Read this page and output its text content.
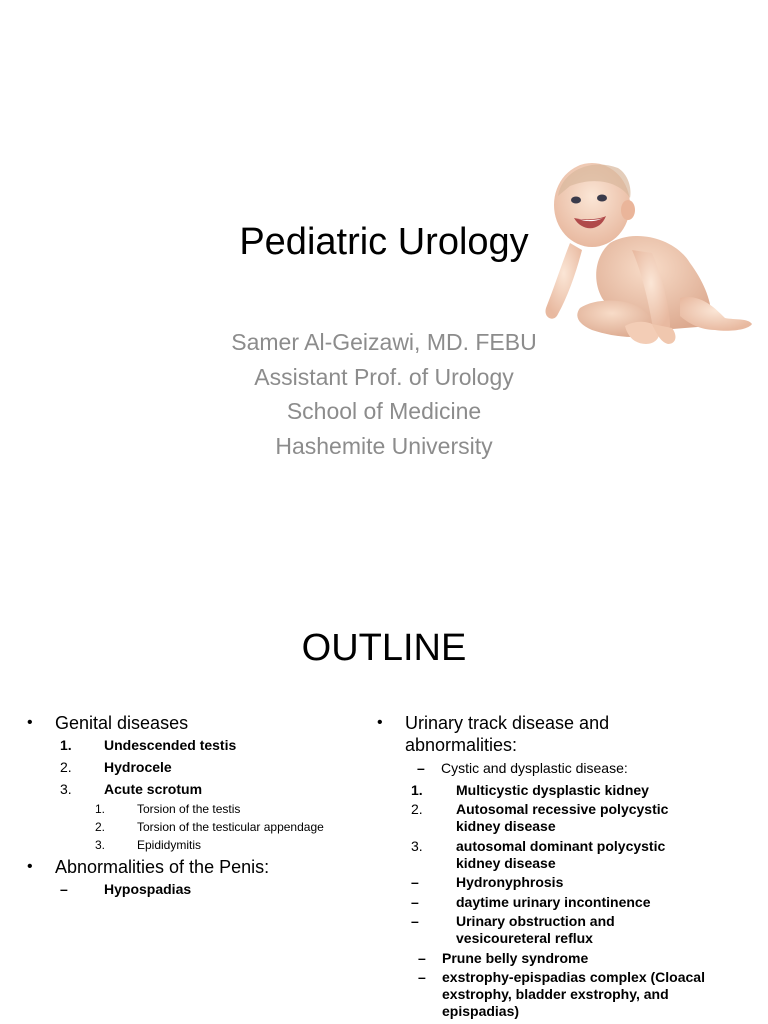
Pediatric Urology
Samer Al-Geizawi, MD. FEBU
Assistant Prof. of Urology
School of Medicine
Hashemite University
OUTLINE
• Genital diseases
1. Undescended testis
2. Hydrocele
3. Acute scrotum
1.	Torsion of the testis
2.	Torsion of the testicular appendage
3.	Epididymitis
• Abnormalities of the Penis:
–	Hypospadias
• Urinary track disease and abnormalities:
– Cystic and dysplastic disease:
1. Multicystic dysplastic kidney
2. Autosomal recessive polycystic kidney disease
3. autosomal dominant polycystic kidney disease
–	Hydronyphrosis
–	daytime urinary incontinence
–	Urinary obstruction and vesicoureteral reflux
– Prune belly syndrome
– exstrophy-epispadias complex (Cloacal exstrophy, bladder exstrophy, and epispadias)
